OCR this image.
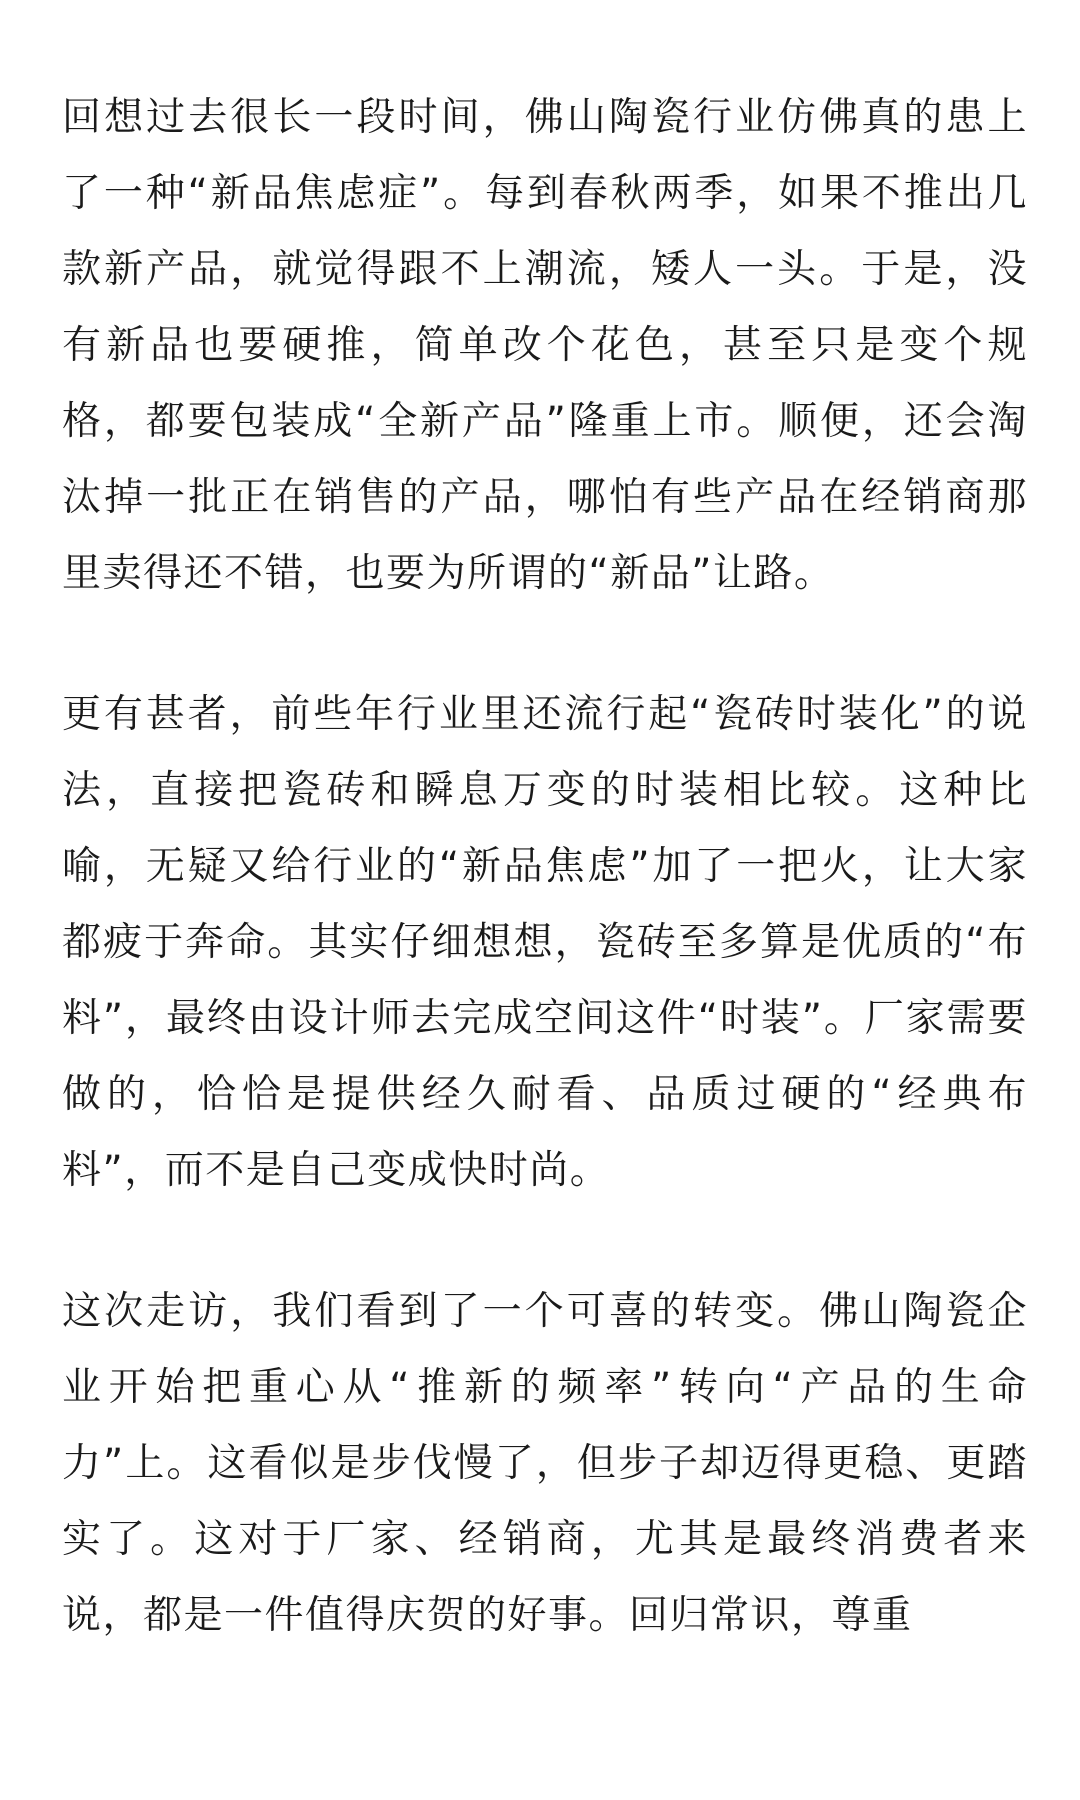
回想过去很长一段时间，佛山陶瓷行业仿佛真的患上了一种“新品焦虑症”。每到春秋两季，如果不推出几款新产品，就觉得跟不上潮流，矮人一头。于是，没有新品也要硬推，简单改个花色，甚至只是变个规格，都要包装成“全新产品”隆重上市。顺便，还会淘汰掉一批正在销售的产品，哪怕有些产品在经销商那里卖得还不错，也要为所谓的“新品”让路。

更有甚者，前些年行业里还流行起“瓷砖时装化”的说法，直接把瓷砖和瞬息万变的时装相比较。这种比喻，无疑又给行业的“新品焦虑”加了一把火，让大家都疲于奔命。其实仔细想想，瓷砖至多算是优质的“布料”，最终由设计师去完成空间这件“时装”。厂家需要做的，恰恰是提供经久耐看、品质过硬的“经典布料”，而不是自己变成快时尚。

这次走访，我们看到了一个可喜的转变。佛山陶瓷企业开始把重心从“推新的频率”转向“产品的生命力”上。这看似是步伐慢了，但步子却迈得更稳、更踏实了。这对于厂家、经销商，尤其是最终消费者来说，都是一件值得庆贺的好事。回归常识，尊重
